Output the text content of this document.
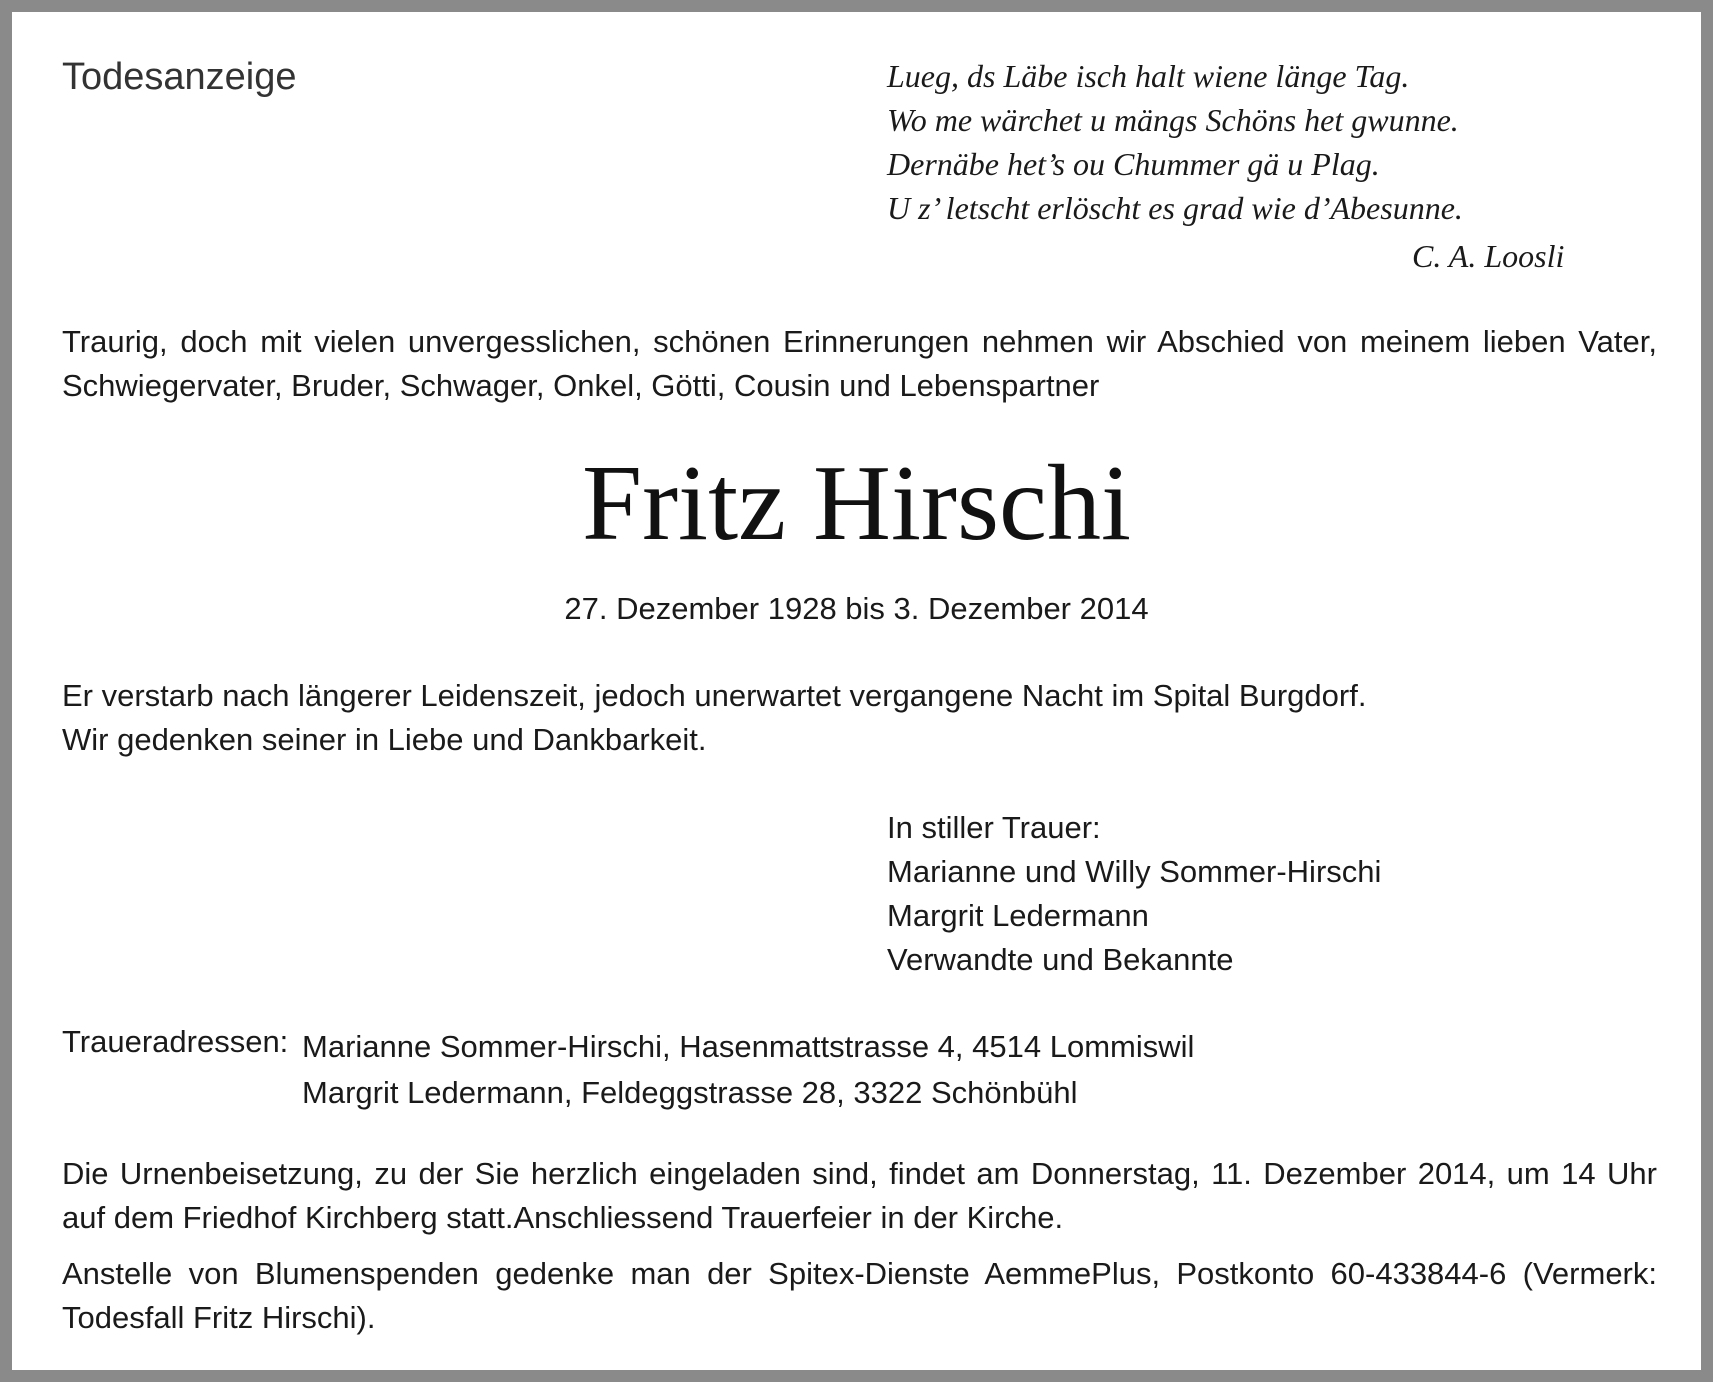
Todesanzeige	Lueg, ds Läbe isch halt wiene länge Tag.
Wo me wärchet u mängs Schöns het gwunne.
Dernäbe het’s ou Chummer gä u Plag.
U z’ letscht erlöscht es grad wie d’Abesunne.

C. A. Loosli

Traurig, doch mit vielen unvergesslichen, schönen Erinnerungen nehmen wir Abschied von meinem lieben Vater, Schwiegervater, Bruder, Schwager, Onkel, Götti, Cousin und Lebenspartner

Fritz Hirschi

27. Dezember 1928 bis 3. Dezember 2014

Er verstarb nach längerer Leidenszeit, jedoch unerwartet vergangene Nacht im Spital Burgdorf.
Wir gedenken seiner in Liebe und Dankbarkeit.
In stiller Trauer:
Marianne und Willy Sommer-Hirschi
Margrit Ledermann
Verwandte und Bekannte

Traueradressen: Marianne Sommer-Hirschi, Hasenmattstrasse 4, 4514 Lommiswil
Margrit Ledermann, Feldeggstrasse 28, 3322 Schönbühl

Die Urnenbeisetzung, zu der Sie herzlich eingeladen sind, findet am Donnerstag, 11. Dezember 2014, um 14 Uhr auf dem Friedhof Kirchberg statt.Anschliessend Trauerfeier in der Kirche.

Anstelle von Blumenspenden gedenke man der Spitex-Dienste AemmePlus, Postkonto 60-433844-6 (Vermerk: Todesfall Fritz Hirschi).
